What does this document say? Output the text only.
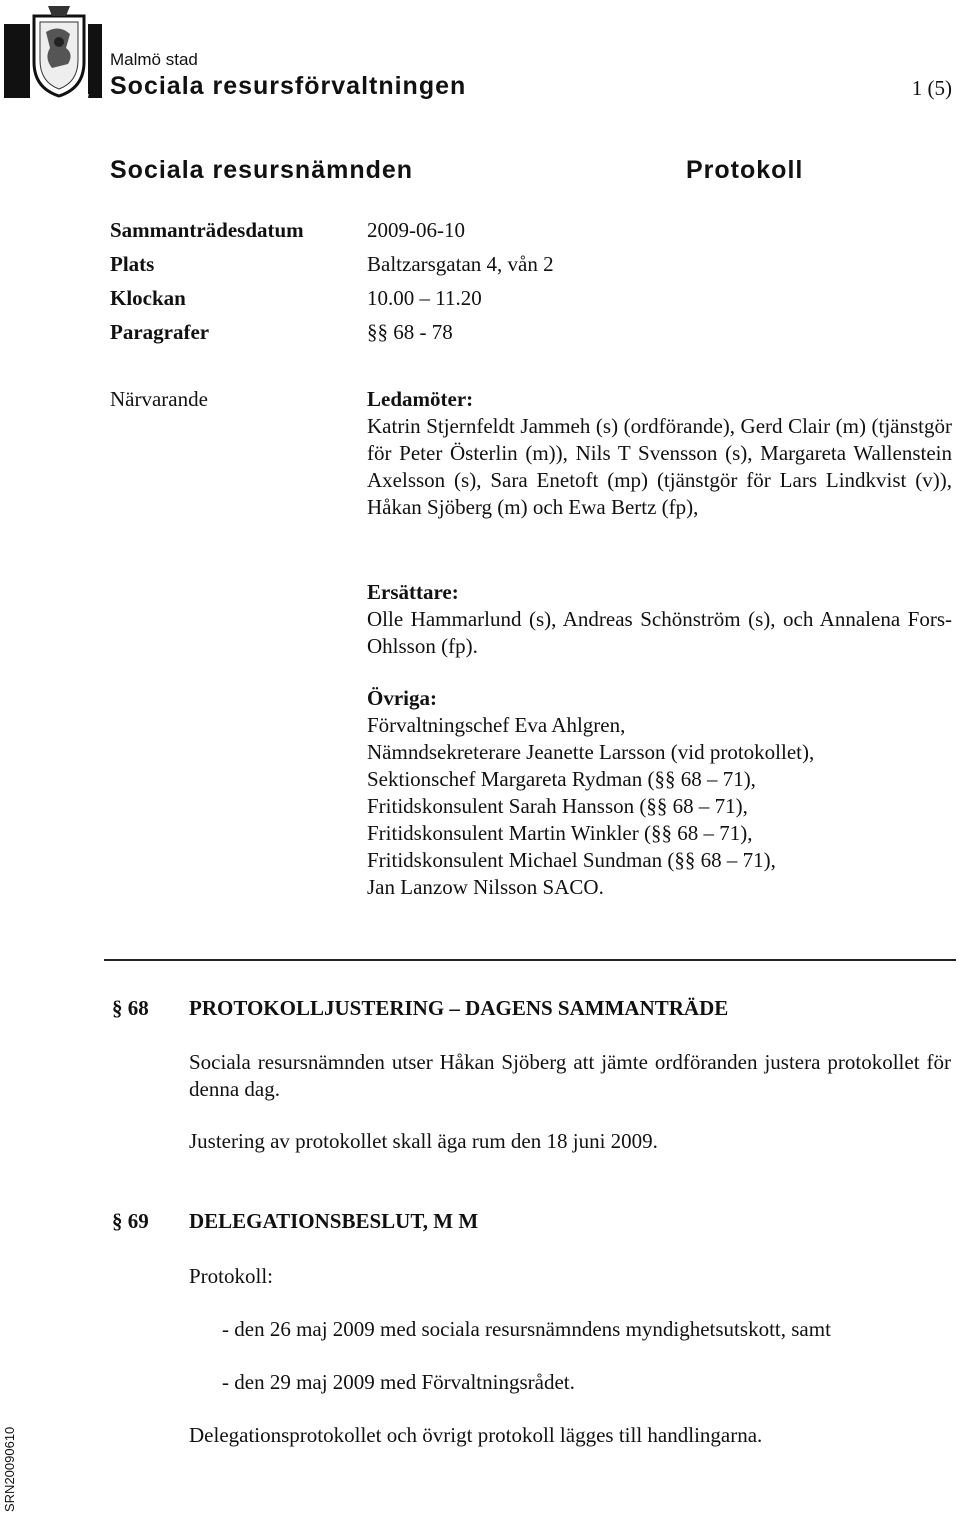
Malmö stad
Sociala resursförvaltningen	1 (5)
Sociala resursnämnden	Protokoll
Sammanträdesdatum	2009-06-10
Plats	Baltzarsgatan 4, vån 2
Klockan	10.00 – 11.20
Paragrafer	§§ 68 - 78
Närvarande	Ledamöter:
Katrin Stjernfeldt Jammeh (s) (ordförande), Gerd Clair (m) (tjänstgör för Peter Österlin (m)), Nils T Svensson (s), Margareta Wallenstein Axelsson (s), Sara Enetoft (mp) (tjänstgör för Lars Lindkvist (v)), Håkan Sjöberg (m) och Ewa Bertz (fp),
Ersättare:
Olle Hammarlund (s), Andreas Schönström (s), och Annalena Fors-Ohlsson (fp).
Övriga:
Förvaltningschef Eva Ahlgren,
Nämndsekreterare Jeanette Larsson (vid protokollet),
Sektionschef Margareta Rydman (§§ 68 – 71),
Fritidskonsulent Sarah Hansson (§§ 68 – 71),
Fritidskonsulent Martin Winkler (§§ 68 – 71),
Fritidskonsulent Michael Sundman (§§ 68 – 71),
Jan Lanzow Nilsson SACO.
§ 68 PROTOKOLLJUSTERING – DAGENS SAMMANTRÄDE
Sociala resursnämnden utser Håkan Sjöberg att jämte ordföranden justera protokollet för denna dag.
Justering av protokollet skall äga rum den 18 juni 2009.
§ 69 DELEGATIONSBESLUT, M M
Protokoll:
- den 26 maj 2009 med sociala resursnämndens myndighetsutskott, samt
- den 29 maj 2009 med Förvaltningsrådet.
Delegationsprotokollet och övrigt protokoll lägges till handlingarna.
SRN20090610
